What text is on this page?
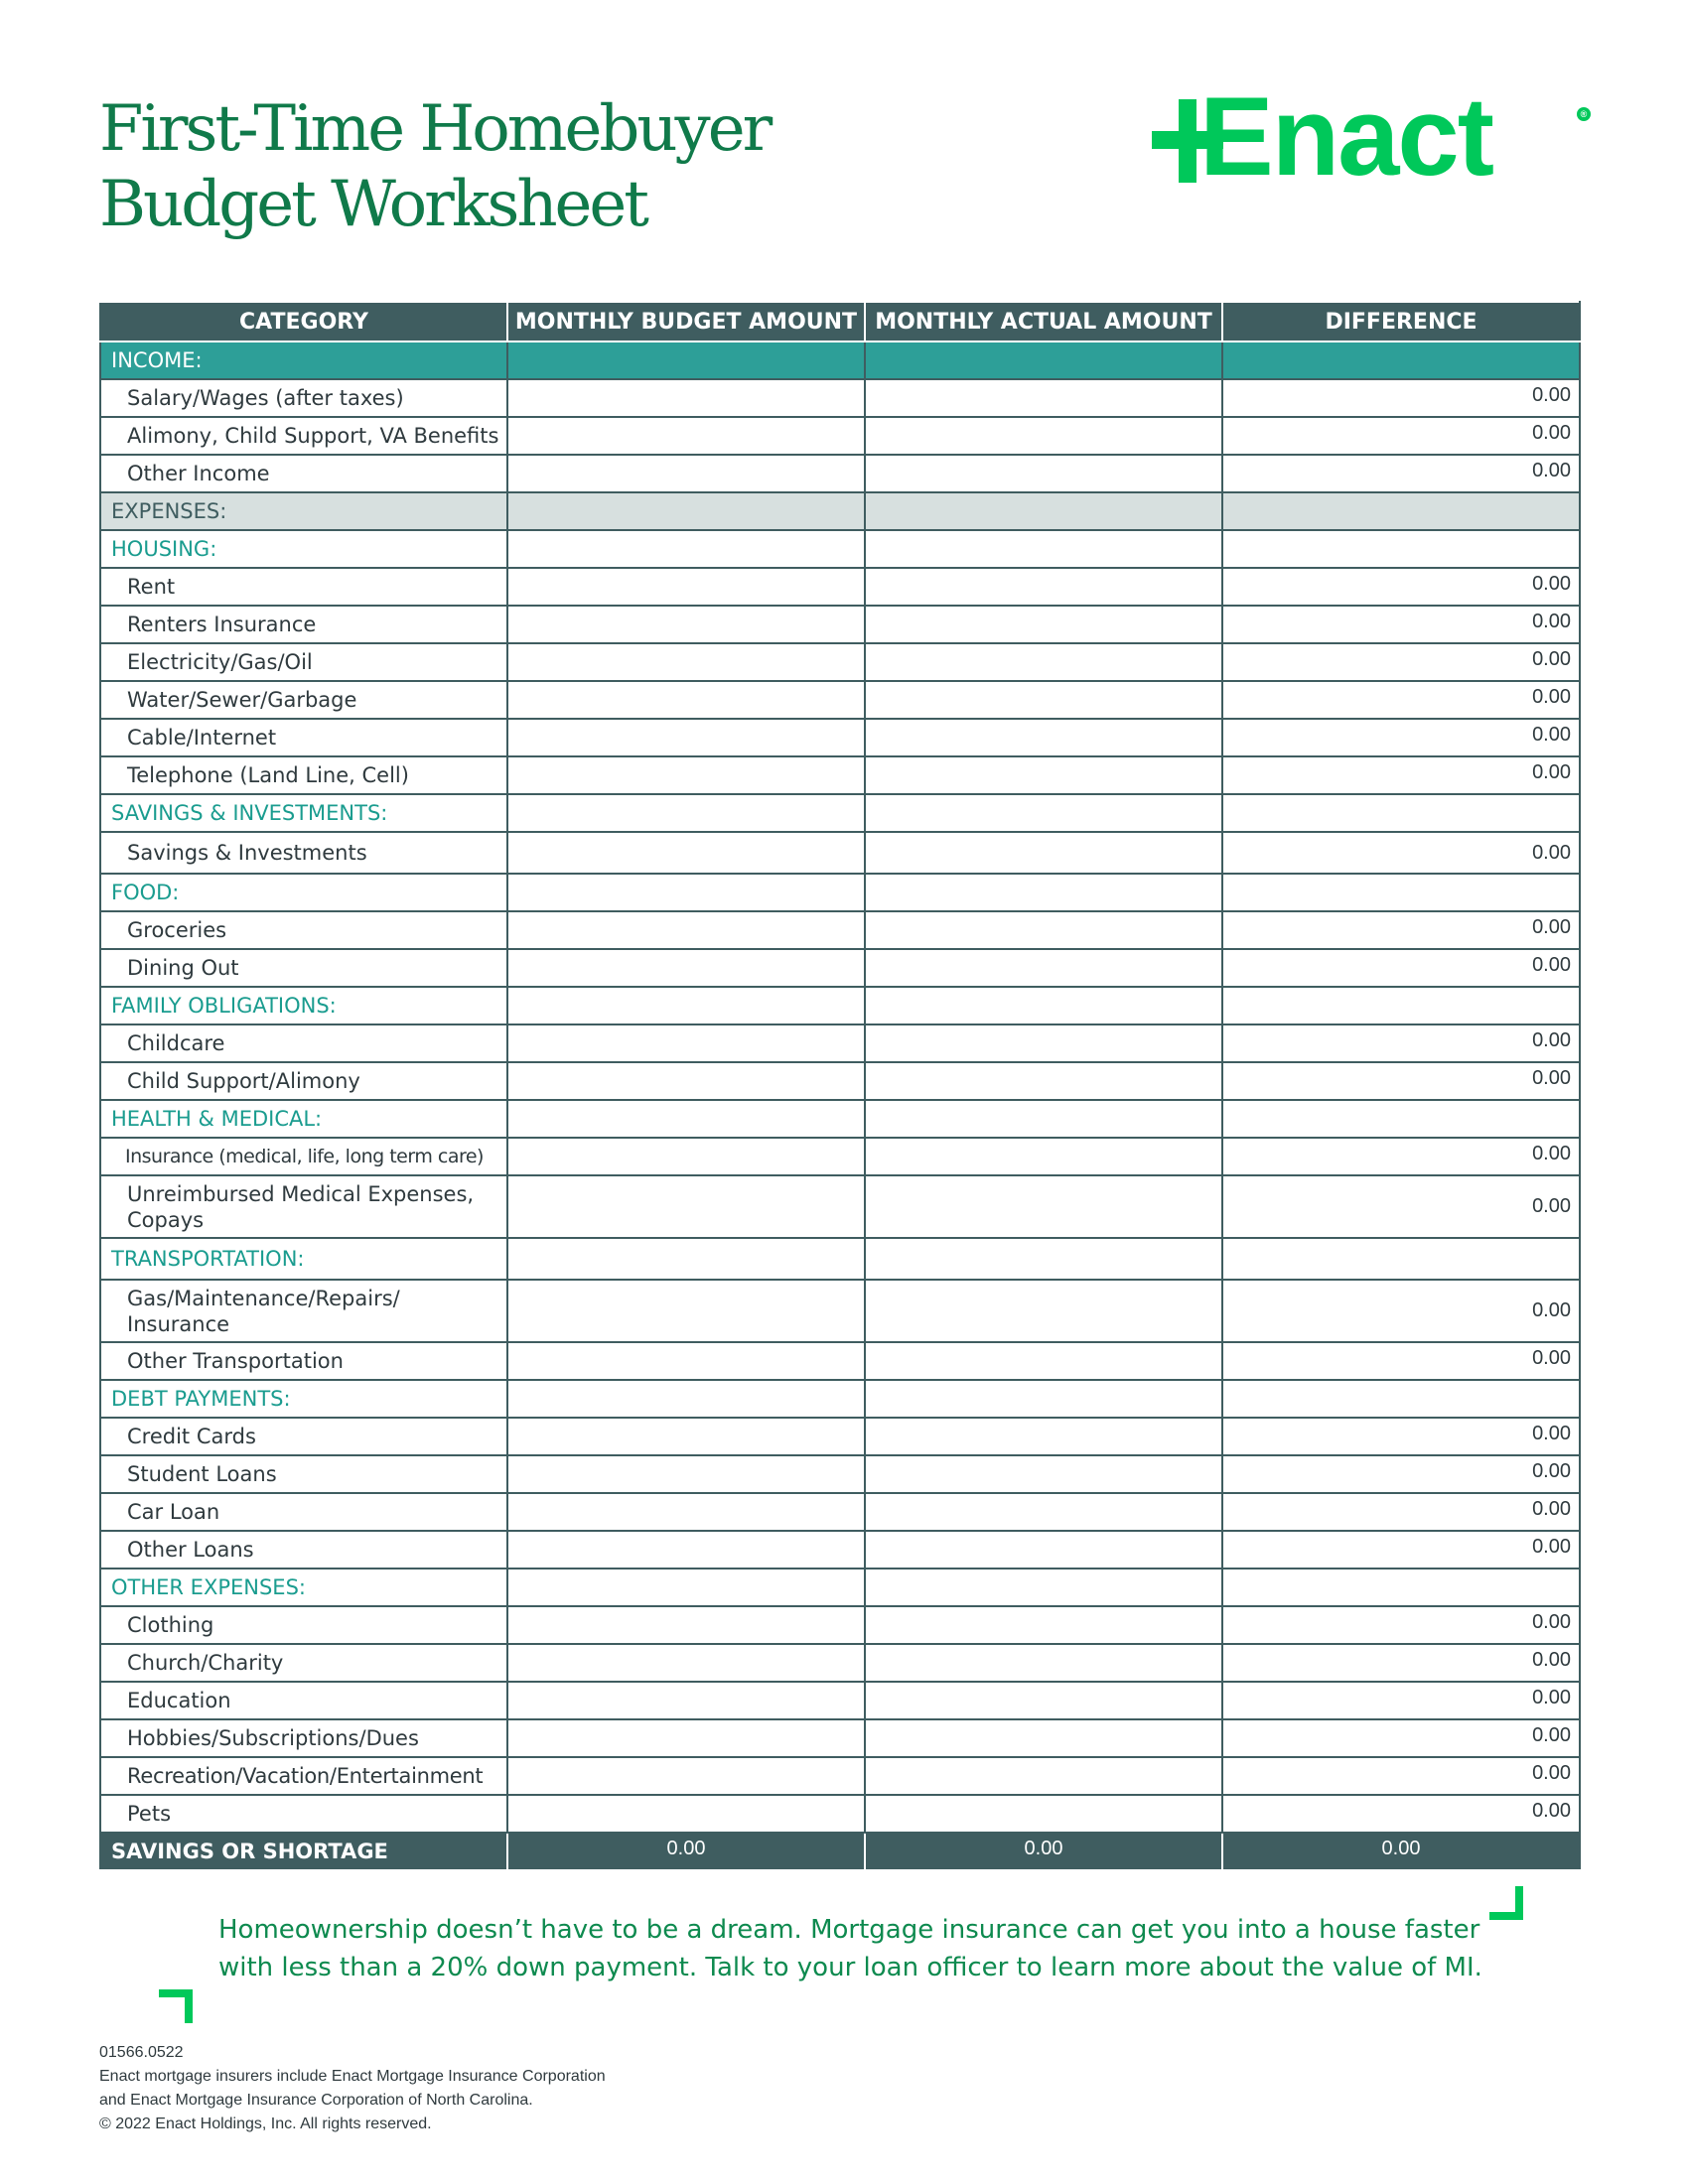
First-Time Homebuyer
Budget Worksheet
Enact	®
CATEGORY	MONTHLY BUDGET AMOUNT	MONTHLY ACTUAL AMOUNT	DIFFERENCE
INCOME:			
Salary/Wages (after taxes)			0.00
Alimony, Child Support, VA Benefits			0.00
Other Income			0.00
EXPENSES:			
HOUSING:			
Rent			0.00
Renters Insurance			0.00
Electricity/Gas/Oil			0.00
Water/Sewer/Garbage			0.00
Cable/Internet			0.00
Telephone (Land Line, Cell)			0.00
SAVINGS & INVESTMENTS:			
Savings & Investments			0.00
FOOD:			
Groceries			0.00
Dining Out			0.00
FAMILY OBLIGATIONS:			
Childcare			0.00
Child Support/Alimony			0.00
HEALTH & MEDICAL:			
Insurance (medical, life, long term care)			0.00
Unreimbursed Medical Expenses, Copays			0.00
TRANSPORTATION:			
Gas/Maintenance/Repairs/ Insurance			0.00
Other Transportation			0.00
DEBT PAYMENTS:			
Credit Cards			0.00
Student Loans			0.00
Car Loan			0.00
Other Loans			0.00
OTHER EXPENSES:			
Clothing			0.00
Church/Charity			0.00
Education			0.00
Hobbies/Subscriptions/Dues			0.00
Recreation/Vacation/Entertainment			0.00
Pets			0.00
SAVINGS OR SHORTAGE	0.00	0.00	0.00

Homeownership doesn’t have to be a dream. Mortgage insurance can get you into a house faster with less than a 20% down payment. Talk to your loan officer to learn more about the value of MI.

01566.0522
Enact mortgage insurers include Enact Mortgage Insurance Corporation
and Enact Mortgage Insurance Corporation of North Carolina.
© 2022 Enact Holdings, Inc. All rights reserved.
